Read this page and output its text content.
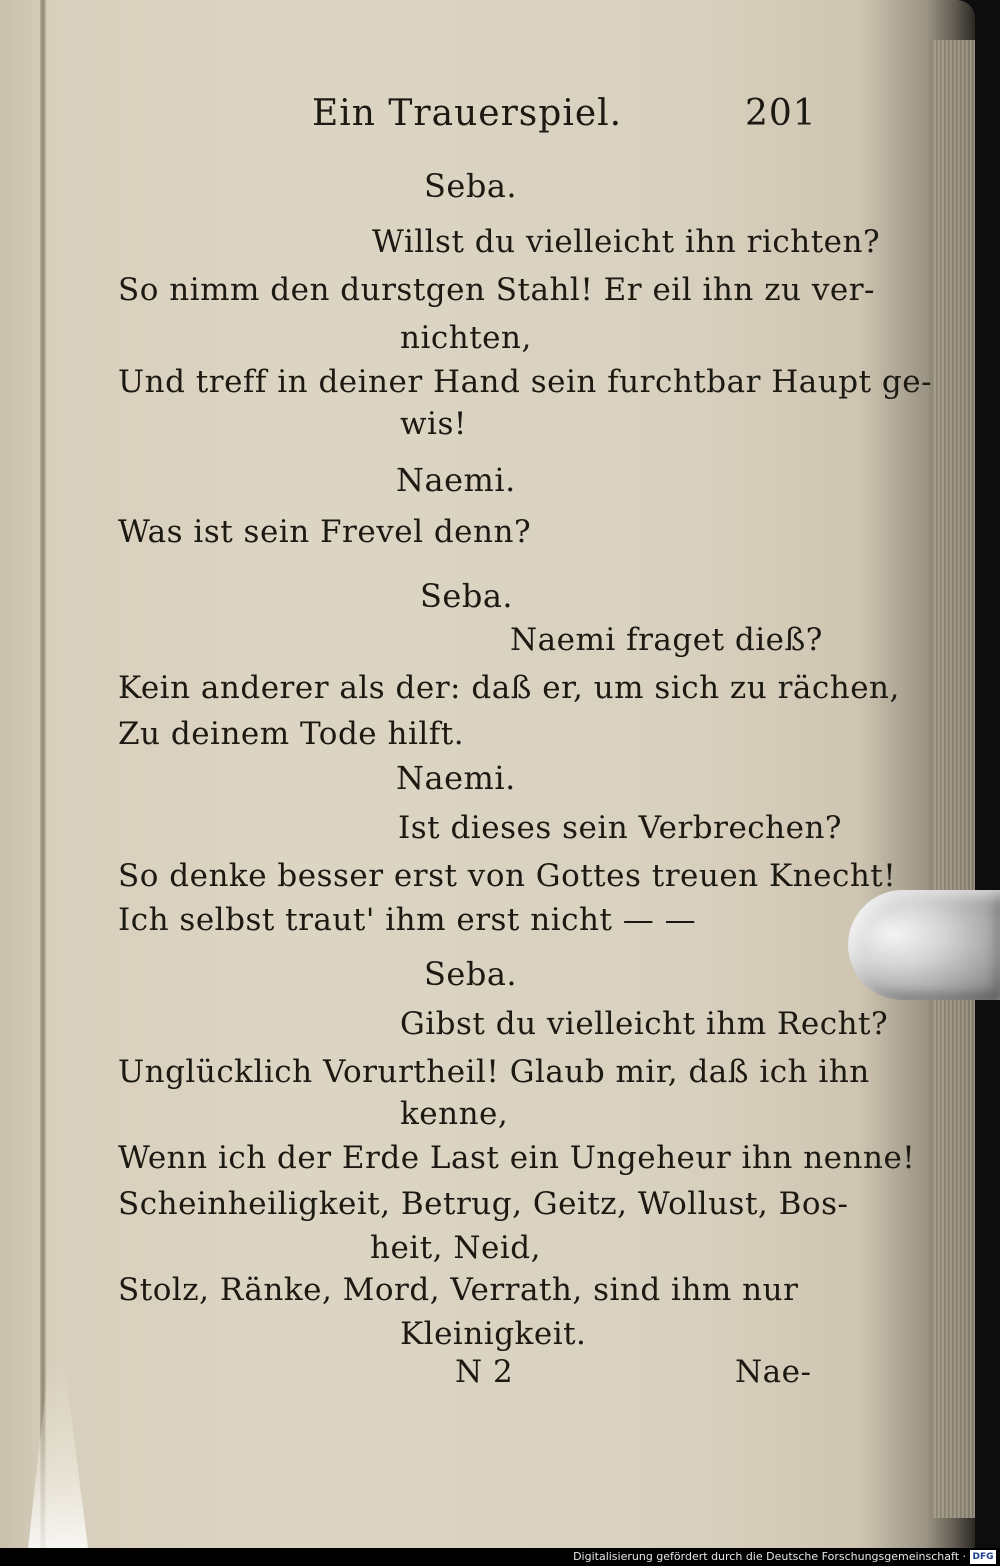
Ein Trauerspiel.	201
Seba.
Willst du vielleicht ihn richten?
So nimm den durstgen Stahl! Er eil ihn zu ver-
nichten,
Und treff in deiner Hand sein furchtbar Haupt ge-
wis!
Naemi.
Was ist sein Frevel denn?
Seba.
Naemi fraget dieß?
Kein anderer als der: daß er, um sich zu rächen,
Zu deinem Tode hilft.
Naemi.
Ist dieses sein Verbrechen?
So denke besser erst von Gottes treuen Knecht!
Ich selbst traut' ihm erst nicht — —
Seba.
Gibst du vielleicht ihm Recht?
Unglücklich Vorurtheil! Glaub mir, daß ich ihn
kenne,
Wenn ich der Erde Last ein Ungeheur ihn nenne!
Scheinheiligkeit, Betrug, Geitz, Wollust, Bos-
heit, Neid,
Stolz, Ränke, Mord, Verrath, sind ihm nur
Kleinigkeit.
N 2	Nae-
Digitalisierung gefördert durch die Deutsche Forschungsgemeinschaft · DFG
